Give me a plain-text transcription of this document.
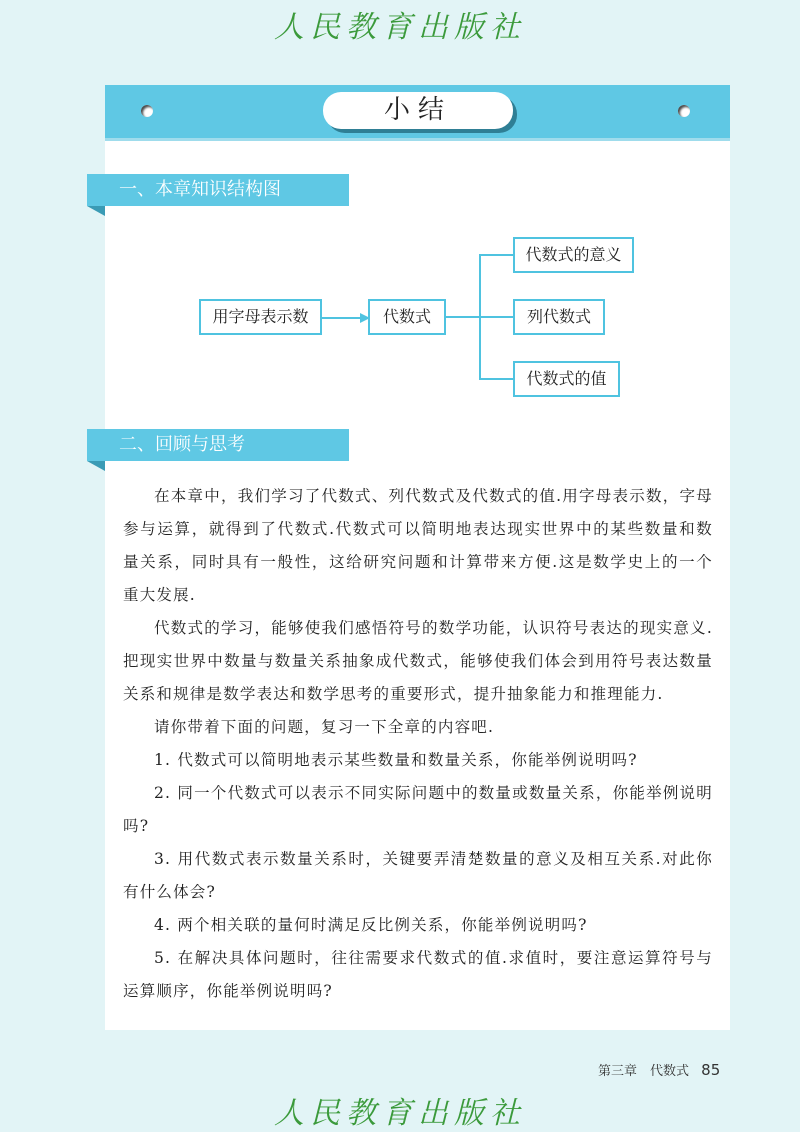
人民教育出版社
小结
一、本章知识结构图
用字母表示数	代数式
代数式的意义
列代数式
代数式的值
二、回顾与思考

在本章中，我们学习了代数式、列代数式及代数式的值.用字母表示数，字母参与运算，就得到了代数式.代数式可以简明地表达现实世界中的某些数量和数量关系，同时具有一般性，这给研究问题和计算带来方便.这是数学史上的一个重大发展.

代数式的学习，能够使我们感悟符号的数学功能，认识符号表达的现实意义.把现实世界中数量与数量关系抽象成代数式，能够使我们体会到用符号表达数量关系和规律是数学表达和数学思考的重要形式，提升抽象能力和推理能力.

请你带着下面的问题，复习一下全章的内容吧.

1. 代数式可以简明地表示某些数量和数量关系，你能举例说明吗?

2. 同一个代数式可以表示不同实际问题中的数量或数量关系，你能举例说明吗?

3. 用代数式表示数量关系时，关键要弄清楚数量的意义及相互关系.对此你有什么体会?

4. 两个相关联的量何时满足反比例关系，你能举例说明吗?

5. 在解决具体问题时，往往需要求代数式的值.求值时，要注意运算符号与运算顺序，你能举例说明吗?

第三章　代数式 85
人民教育出版社
